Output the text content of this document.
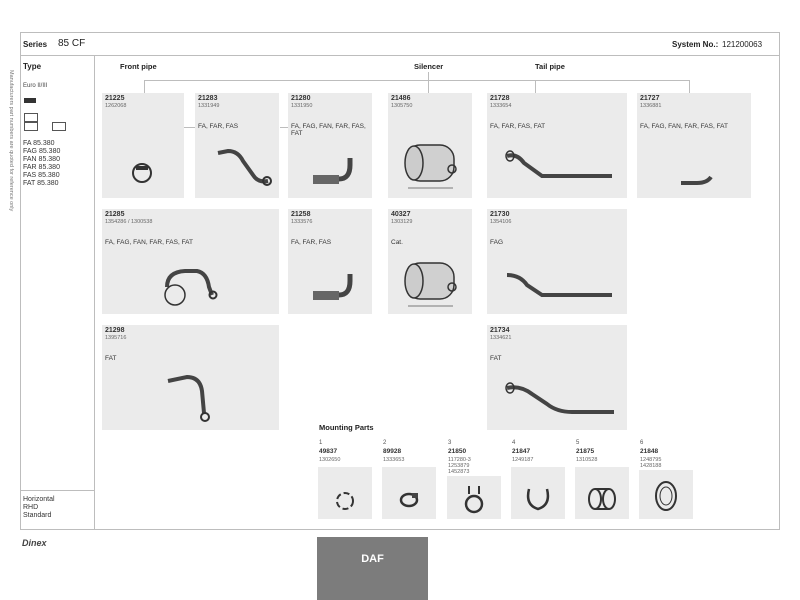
Series 85 CF	System No.: 121200063
Manufacturers part numbers are quoted for reference only
Type
Euro II/III
FA 85.380
FAG 85.380
FAN 85.380
FAR 85.380
FAS 85.380
FAT 85.380
Horizontal
RHD
Standard
Front pipe	Silencer	Tail pipe
21225
1262068
21283
1331949
FA, FAR, FAS
21280
1331950
FA, FAG, FAN, FAR, FAS, FAT
21486
1305750
21728
1333654
FA, FAR, FAS, FAT
21727
1336881
FA, FAG, FAN, FAR, FAS, FAT
21285
1354286 / 1300538
FA, FAG, FAN, FAR, FAS, FAT
21258
1333576
FA, FAR, FAS
40327
1303129
Cat.
21730
1354106
FAG
21298
1395716
FAT
21734
1334621
FAT
Mounting Parts
1
49837
1302650
2
89928
1333653
3
21850
117280-3
1253879
1452873
4
21847
1249187
5
21875
1310528
6
21848
1248795
1428188
Dinex
DAF
